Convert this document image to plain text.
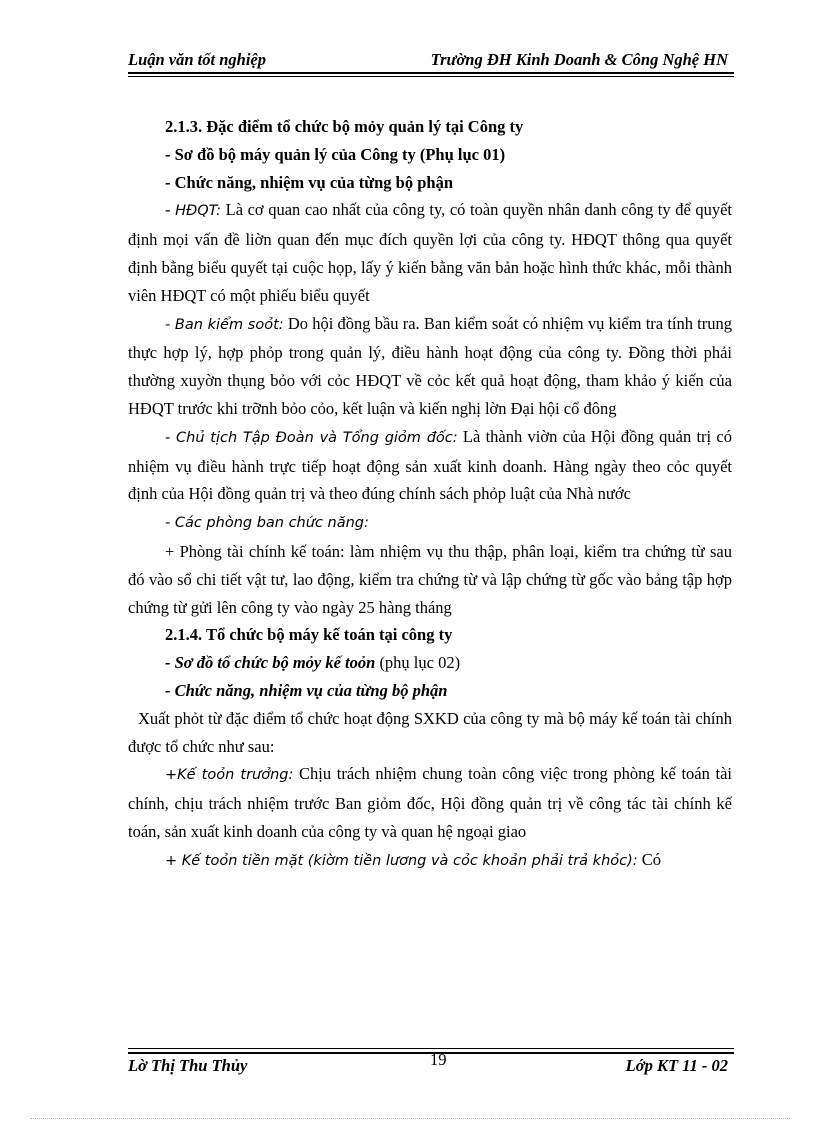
Luận văn tốt nghiệp	Trường ĐH Kinh Doanh & Công Nghệ HN

2.1.3. Đặc điểm tổ chức bộ mỏy quản lý tại Công ty

- Sơ đồ bộ máy quản lý của Công ty (Phụ lục 01)

- Chức năng, nhiệm vụ của từng bộ phận

- HĐQT: Là cơ quan cao nhất của công ty, có toàn quyền nhân danh công ty để quyết định mọi vấn đề liờn quan đến mục đích quyền lợi của công ty. HĐQT thông qua quyết định bằng biểu quyết tại cuộc họp, lấy ý kiến bằng văn bản hoặc hình thức khác, mỗi thành viên HĐQT có một phiếu biểu quyết

- Ban kiểm soỏt: Do hội đồng bầu ra. Ban kiểm soát có nhiệm vụ kiểm tra tính trung thực hợp lý, hợp phỏp trong quản lý, điều hành hoạt động của công ty. Đồng thời phải thường xuyờn thụng bỏo với cỏc HĐQT về cỏc kết quả hoạt động, tham khảo ý kiến của HĐQT trước khi trỡnh bỏo cỏo, kết luận và kiến nghị lờn Đại hội cổ đông

- Chủ tịch Tập Đoàn và Tổng giỏm đốc: Là thành viờn của Hội đồng quản trị có nhiệm vụ điều hành trực tiếp hoạt động sản xuất kinh doanh. Hàng ngày theo cỏc quyết định của Hội đồng quản trị và theo đúng chính sách phỏp luật của Nhà nước

- Các phòng ban chức năng:

+ Phòng tài chính kế toán: làm nhiệm vụ thu thập, phân loại, kiểm tra chứng từ sau đó vào sổ chi tiết vật tư, lao động, kiểm tra chứng từ và lập chứng từ gốc vào bảng tập hợp chứng từ gửi lên công ty vào ngày 25 hàng tháng

2.1.4. Tổ chức bộ máy kế toán tại công ty

- Sơ đồ tổ chức bộ mỏy kế toỏn (phụ lục 02)

- Chức năng, nhiệm vụ của từng bộ phận

Xuất phỏt từ đặc điểm tổ chức hoạt động SXKD của công ty mà bộ máy kế toán tài chính được tổ chức như sau:

+Kế toỏn trưởng: Chịu trách nhiệm chung toàn công việc trong phòng kế toán tài chính, chịu trách nhiệm trước Ban giỏm đốc, Hội đồng quản trị về công tác tài chính kế toán, sản xuất kinh doanh của công ty và quan hệ ngoại giao

+ Kế toỏn tiền mặt (kiờm tiền lương và cỏc khoản phải trả khỏc): Có

Lờ Thị Thu Thủy	19	Lớp KT 11 - 02
